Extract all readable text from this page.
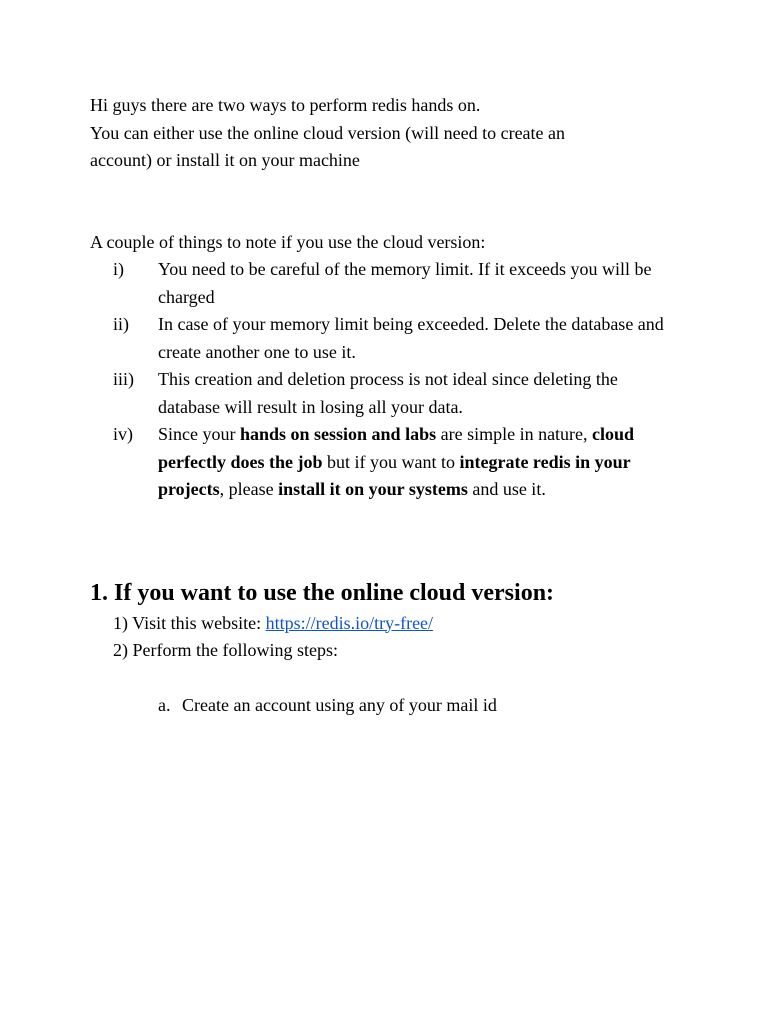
Hi guys there are two ways to perform redis hands on.
You can either use the online cloud version (will need to create an
account) or install it on your machine
A couple of things to note if you use the cloud version:
i) You need to be careful of the memory limit. If it exceeds you will be charged
ii) In case of your memory limit being exceeded. Delete the database and create another one to use it.
iii) This creation and deletion process is not ideal since deleting the database will result in losing all your data.
iv) Since your hands on session and labs are simple in nature, cloud perfectly does the job but if you want to integrate redis in your projects, please install it on your systems and use it.
1. If you want to use the online cloud version:
1) Visit this website: https://redis.io/try-free/
2) Perform the following steps:
a. Create an account using any of your mail id
